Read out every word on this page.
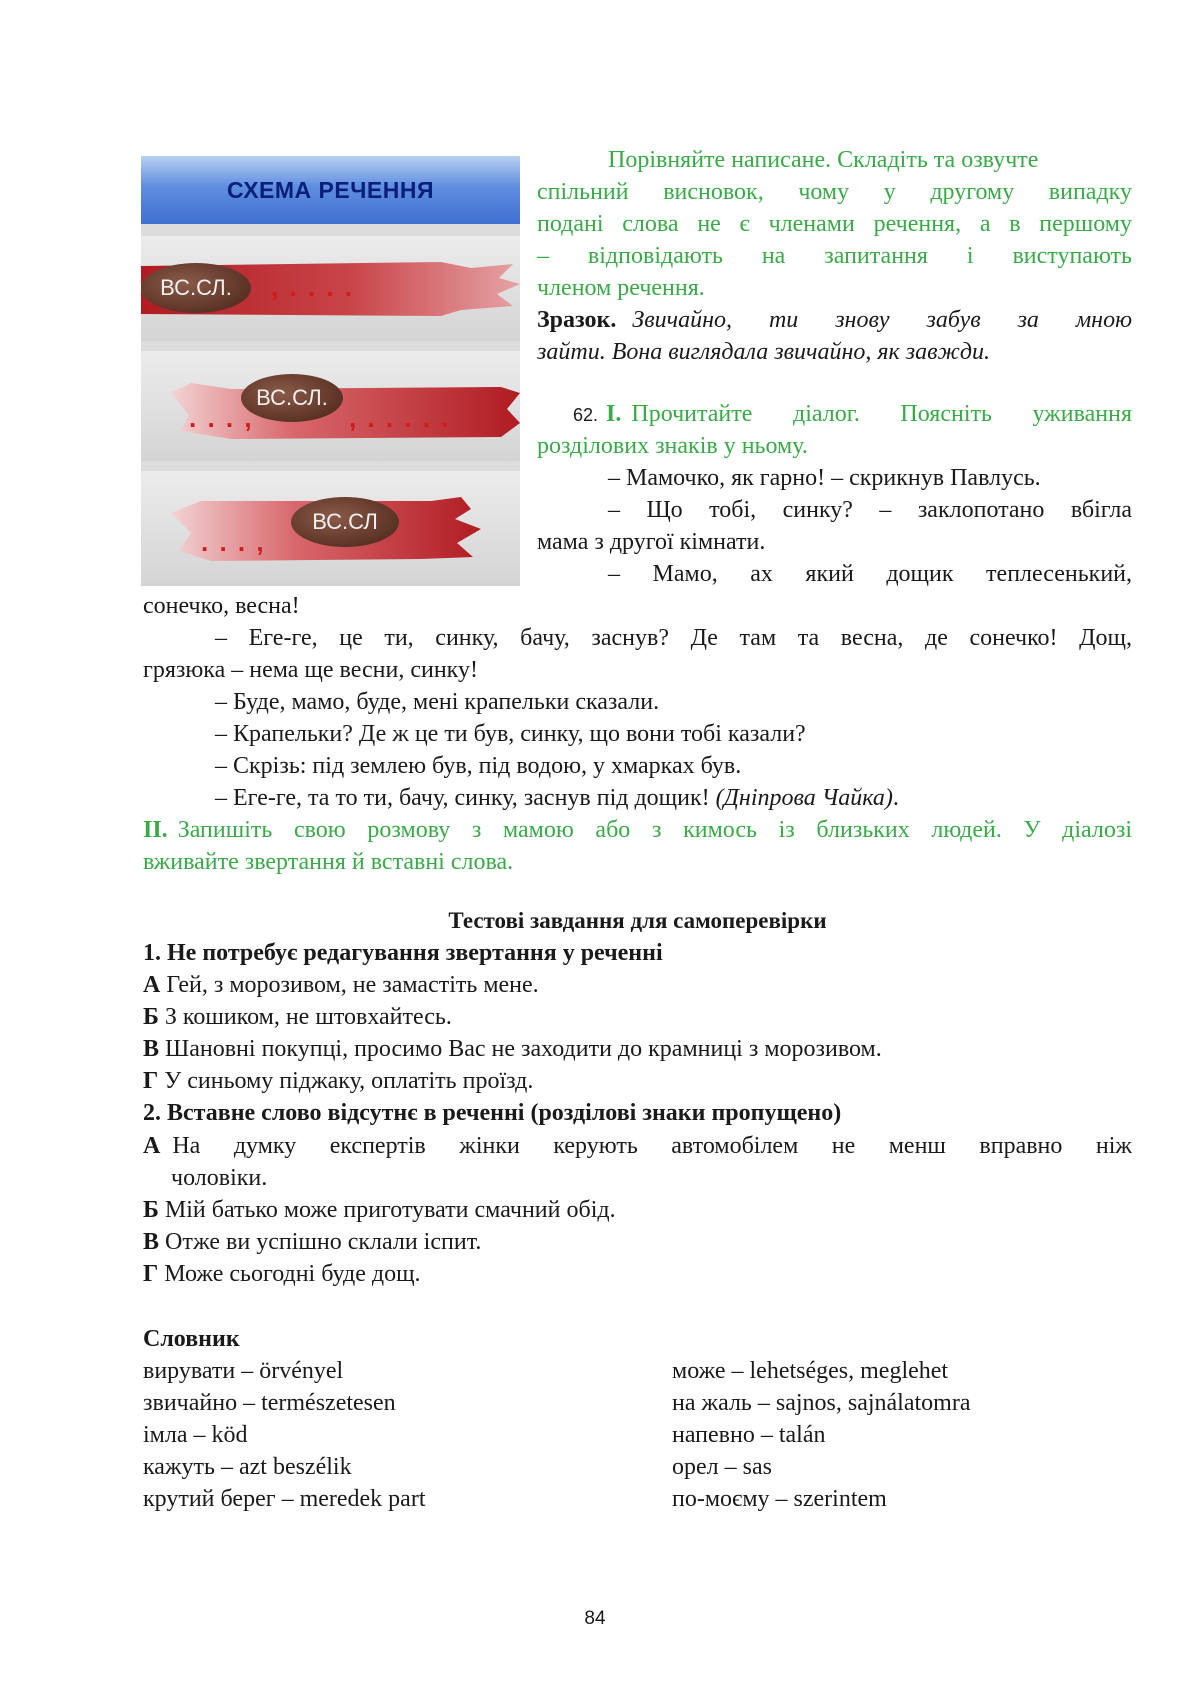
СХЕМА РЕЧЕННЯ
ВС.СЛ.	, . . . .
ВС.СЛ.
. . . ,	, . . . . .
ВС.СЛ
. . . ,
Порівняйте написане. Складіть та озвучте
спільний висновок, чому у другому випадку
подані слова не є членами речення, а в першому
– відповідають на запитання і виступають
членом речення.
Зразок. Звичайно, ти знову забув за мною
зайти. Вона виглядала звичайно, як завжди.
62. І. Прочитайте діалог. Поясніть уживання
розділових знаків у ньому.
– Мамочко, як гарно! – скрикнув Павлусь.
– Що тобі, синку? – заклопотано вбігла
мама з другої кімнати.
– Мамо, ах який дощик теплесенький,
сонечко, весна!
– Еге-ге, це ти, синку, бачу, заснув? Де там та весна, де сонечко! Дощ,
грязюка – нема ще весни, синку!
– Буде, мамо, буде, мені крапельки сказали.
– Крапельки? Де ж це ти був, синку, що вони тобі казали?
– Скрізь: під землею був, під водою, у хмарках був.
– Еге-ге, та то ти, бачу, синку, заснув під дощик! (Дніпрова Чайка).
ІІ. Запишіть свою розмову з мамою або з кимось із близьких людей. У діалозі
вживайте звертання й вставні слова.
Тестові завдання для самоперевірки
1. Не потребує редагування звертання у реченні
А Гей, з морозивом, не замастіть мене.
Б З кошиком, не штовхайтесь.
В Шановні покупці, просимо Вас не заходити до крамниці з морозивом.
Г У синьому піджаку, оплатіть проїзд.
2. Вставне слово відсутнє в реченні (розділові знаки пропущено)
А На думку експертів жінки керують автомобілем не менш вправно ніж
чоловіки.
Б Мій батько може приготувати смачний обід.
В Отже ви успішно склали іспит.
Г Може сьогодні буде дощ.
Словник
вирувати – örvényel
звичайно – természetesen
імла – köd
кажуть – azt beszélik
крутий берег – meredek part
може – lehetséges, meglehet
на жаль – sajnos, sajnálatomra
напевно – talán
орел – sas
по-моєму – szerintem
84
